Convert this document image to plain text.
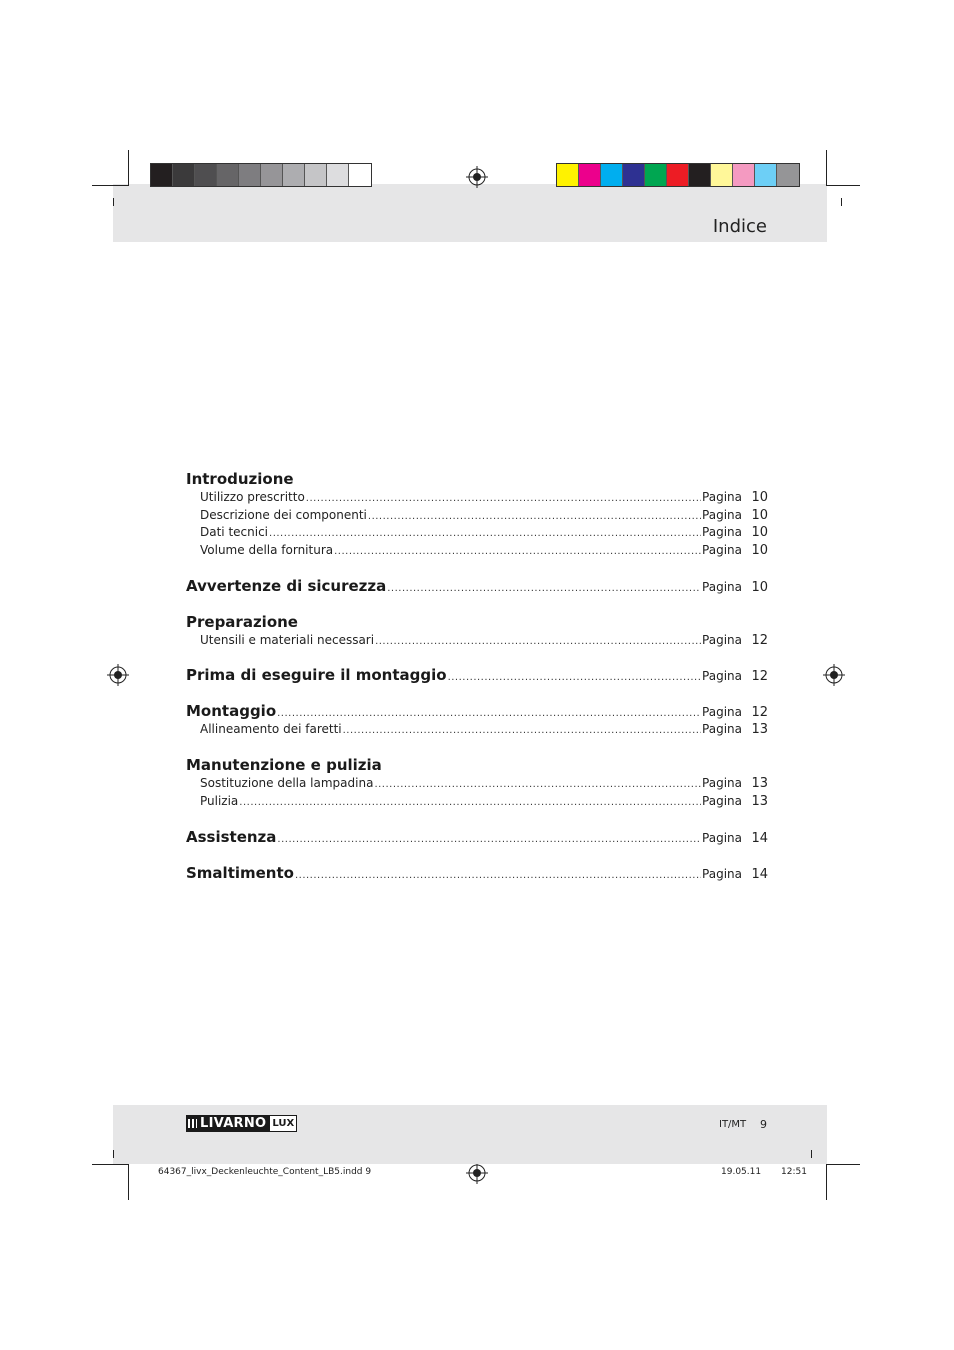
Indice
Introduzione
Utilizzo prescritto .....	Pagina 10
Descrizione dei componenti .....	Pagina 10
Dati tecnici .....	Pagina 10
Volume della fornitura .....	Pagina 10
Avvertenze di sicurezza .....	Pagina 10
Preparazione
Utensili e materiali necessari .....	Pagina 12
Prima di eseguire il montaggio .....	Pagina 12
Montaggio .....	Pagina 12
Allineamento dei faretti .....	Pagina 13
Manutenzione e pulizia
Sostituzione della lampadina .....	Pagina 13
Pulizia .....	Pagina 13
Assistenza .....	Pagina 14
Smaltimento .....	Pagina 14
LIVARNO LUX	IT/MT 9
64367_livx_Deckenleuchte_Content_LB5.indd 9	19.05.11 12:51
